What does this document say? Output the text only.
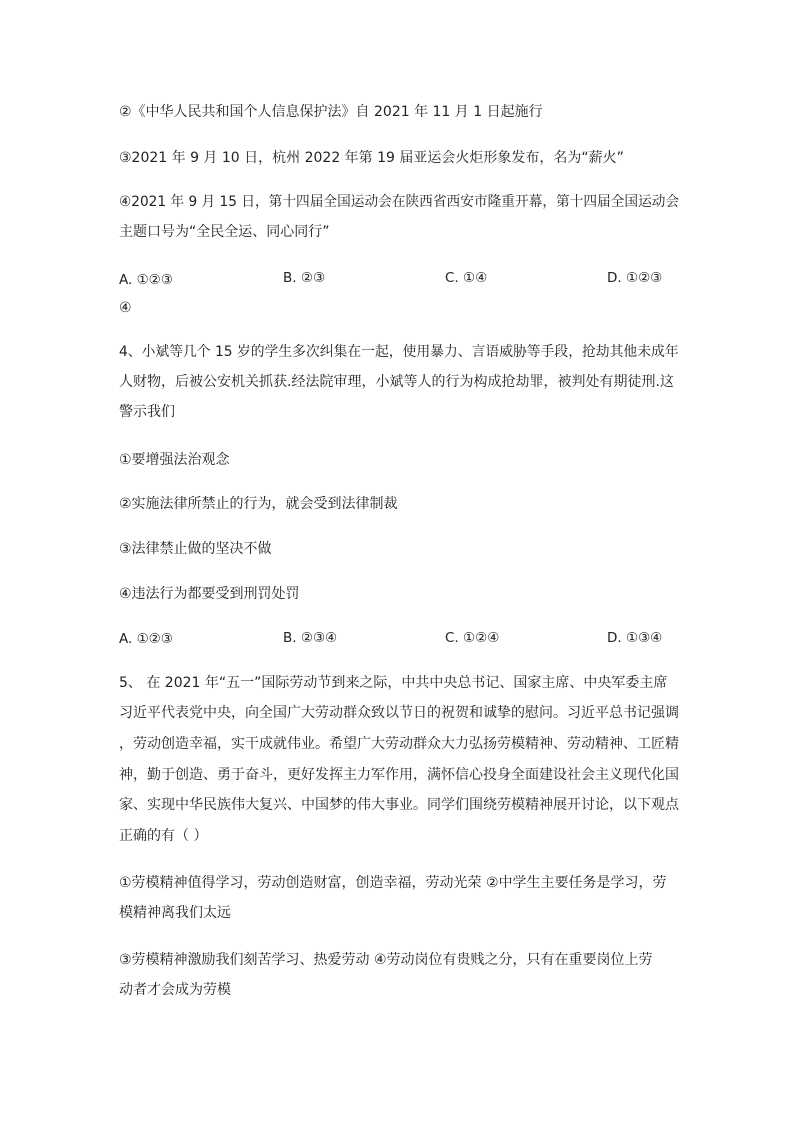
②《中华人民共和国个人信息保护法》自 2021 年 11 月 1 日起施行
③2021 年 9 月 10 日，杭州 2022 年第 19 届亚运会火炬形象发布，名为“薪火”
④2021 年 9 月 15 日，第十四届全国运动会在陕西省西安市隆重开幕，第十四届全国运动会
主题口号为“全民全运、同心同行”
A. ①②③	B. ②③	C. ①④	D. ①②③
④
4、小斌等几个 15 岁的学生多次纠集在一起，使用暴力、言语威胁等手段，抢劫其他未成年
人财物，后被公安机关抓获.经法院审理，小斌等人的行为构成抢劫罪，被判处有期徒刑.这
警示我们
①要增强法治观念
②实施法律所禁止的行为，就会受到法律制裁
③法律禁止做的坚决不做
④违法行为都要受到刑罚处罚
A. ①②③	B. ②③④	C. ①②④	D. ①③④
5、 在 2021 年“五一”国际劳动节到来之际，中共中央总书记、国家主席、中央军委主席
习近平代表党中央，向全国广大劳动群众致以节日的祝贺和诚挚的慰问。习近平总书记强调
，劳动创造幸福，实干成就伟业。希望广大劳动群众大力弘扬劳模精神、劳动精神、工匠精
神，勤于创造、勇于奋斗，更好发挥主力军作用，满怀信心投身全面建设社会主义现代化国
家、实现中华民族伟大复兴、中国梦的伟大事业。同学们围绕劳模精神展开讨论，以下观点
正确的有（ ）
①劳模精神值得学习，劳动创造财富，创造幸福，劳动光荣 ②中学生主要任务是学习，劳
模精神离我们太远
③劳模精神激励我们刻苦学习、热爱劳动 ④劳动岗位有贵贱之分，只有在重要岗位上劳
动者才会成为劳模
